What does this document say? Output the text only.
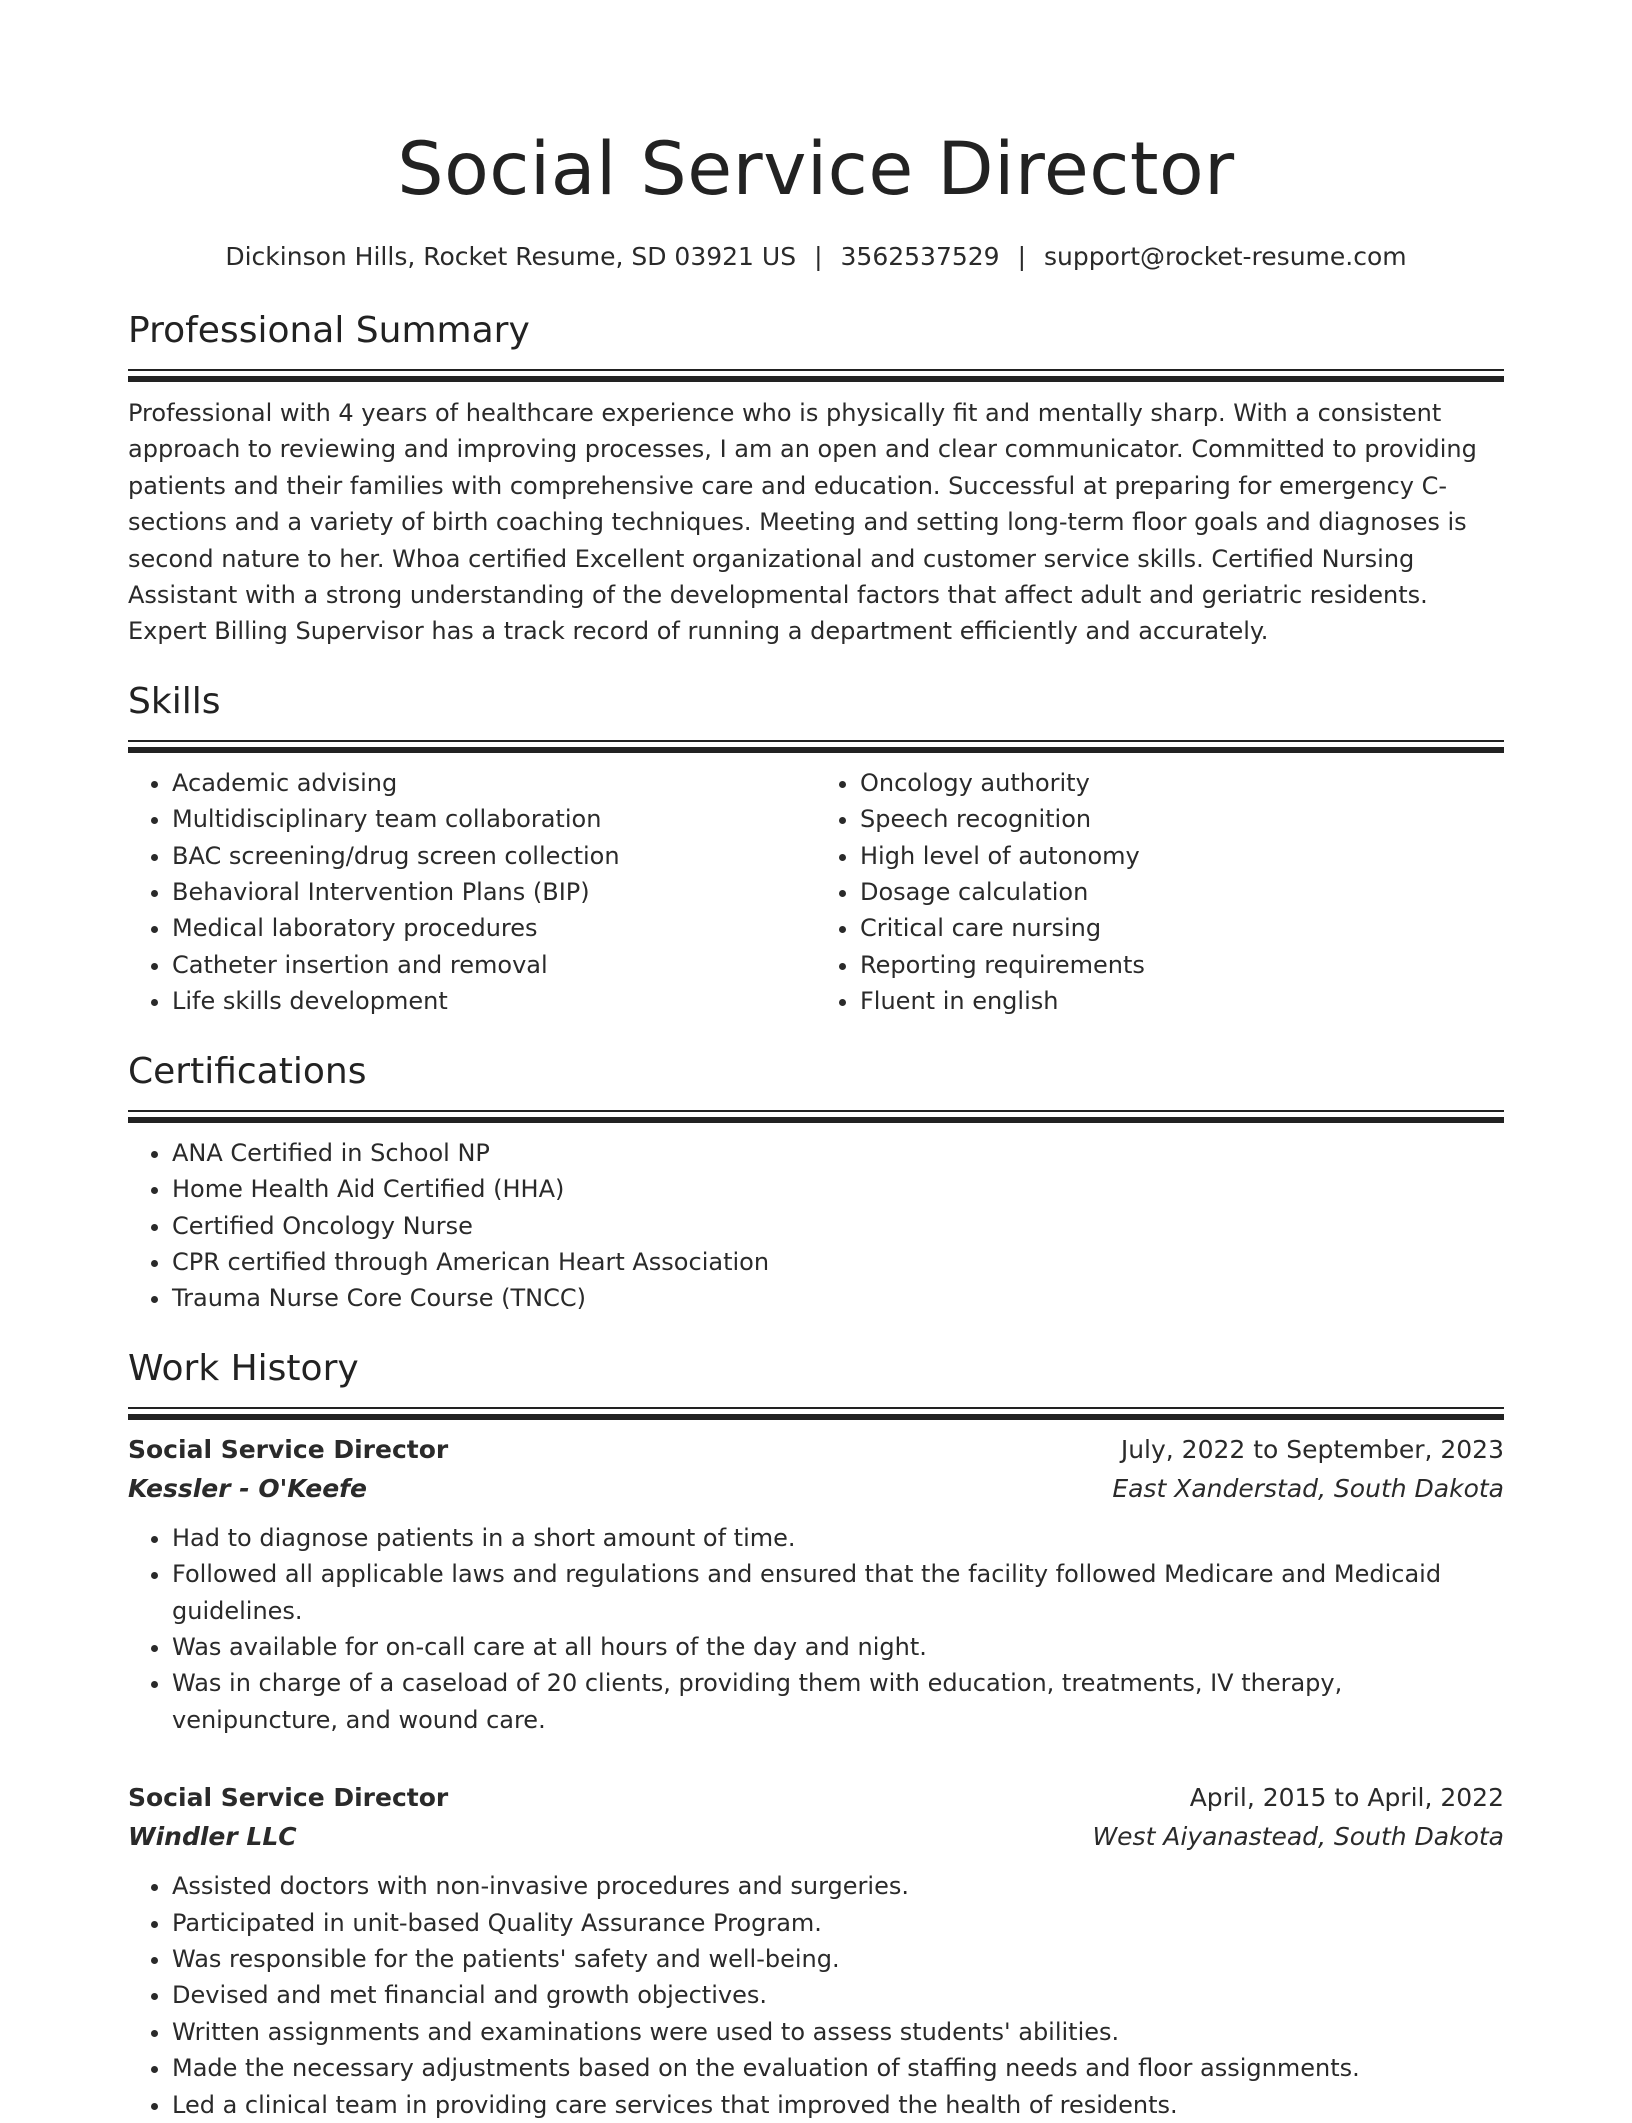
Social Service Director
Dickinson Hills, Rocket Resume, SD 03921 US | 3562537529 | support@rocket-resume.com
Professional Summary
Professional with 4 years of healthcare experience who is physically fit and mentally sharp. With a consistent approach to reviewing and improving processes, I am an open and clear communicator. Committed to providing patients and their families with comprehensive care and education. Successful at preparing for emergency C-sections and a variety of birth coaching techniques. Meeting and setting long-term floor goals and diagnoses is second nature to her. Whoa certified Excellent organizational and customer service skills. Certified Nursing Assistant with a strong understanding of the developmental factors that affect adult and geriatric residents. Expert Billing Supervisor has a track record of running a department efficiently and accurately.
Skills
• Academic advising
• Multidisciplinary team collaboration
• BAC screening/drug screen collection
• Behavioral Intervention Plans (BIP)
• Medical laboratory procedures
• Catheter insertion and removal
• Life skills development
• Oncology authority
• Speech recognition
• High level of autonomy
• Dosage calculation
• Critical care nursing
• Reporting requirements
• Fluent in english
Certifications
• ANA Certified in School NP
• Home Health Aid Certified (HHA)
• Certified Oncology Nurse
• CPR certified through American Heart Association
• Trauma Nurse Core Course (TNCC)
Work History
Social Service Director	July, 2022 to September, 2023
Kessler - O'Keefe	East Xanderstad, South Dakota
• Had to diagnose patients in a short amount of time.
• Followed all applicable laws and regulations and ensured that the facility followed Medicare and Medicaid guidelines.
• Was available for on-call care at all hours of the day and night.
• Was in charge of a caseload of 20 clients, providing them with education, treatments, IV therapy, venipuncture, and wound care.
Social Service Director	April, 2015 to April, 2022
Windler LLC	West Aiyanastead, South Dakota
• Assisted doctors with non-invasive procedures and surgeries.
• Participated in unit-based Quality Assurance Program.
• Was responsible for the patients' safety and well-being.
• Devised and met financial and growth objectives.
• Written assignments and examinations were used to assess students' abilities.
• Made the necessary adjustments based on the evaluation of staffing needs and floor assignments.
• Led a clinical team in providing care services that improved the health of residents.
